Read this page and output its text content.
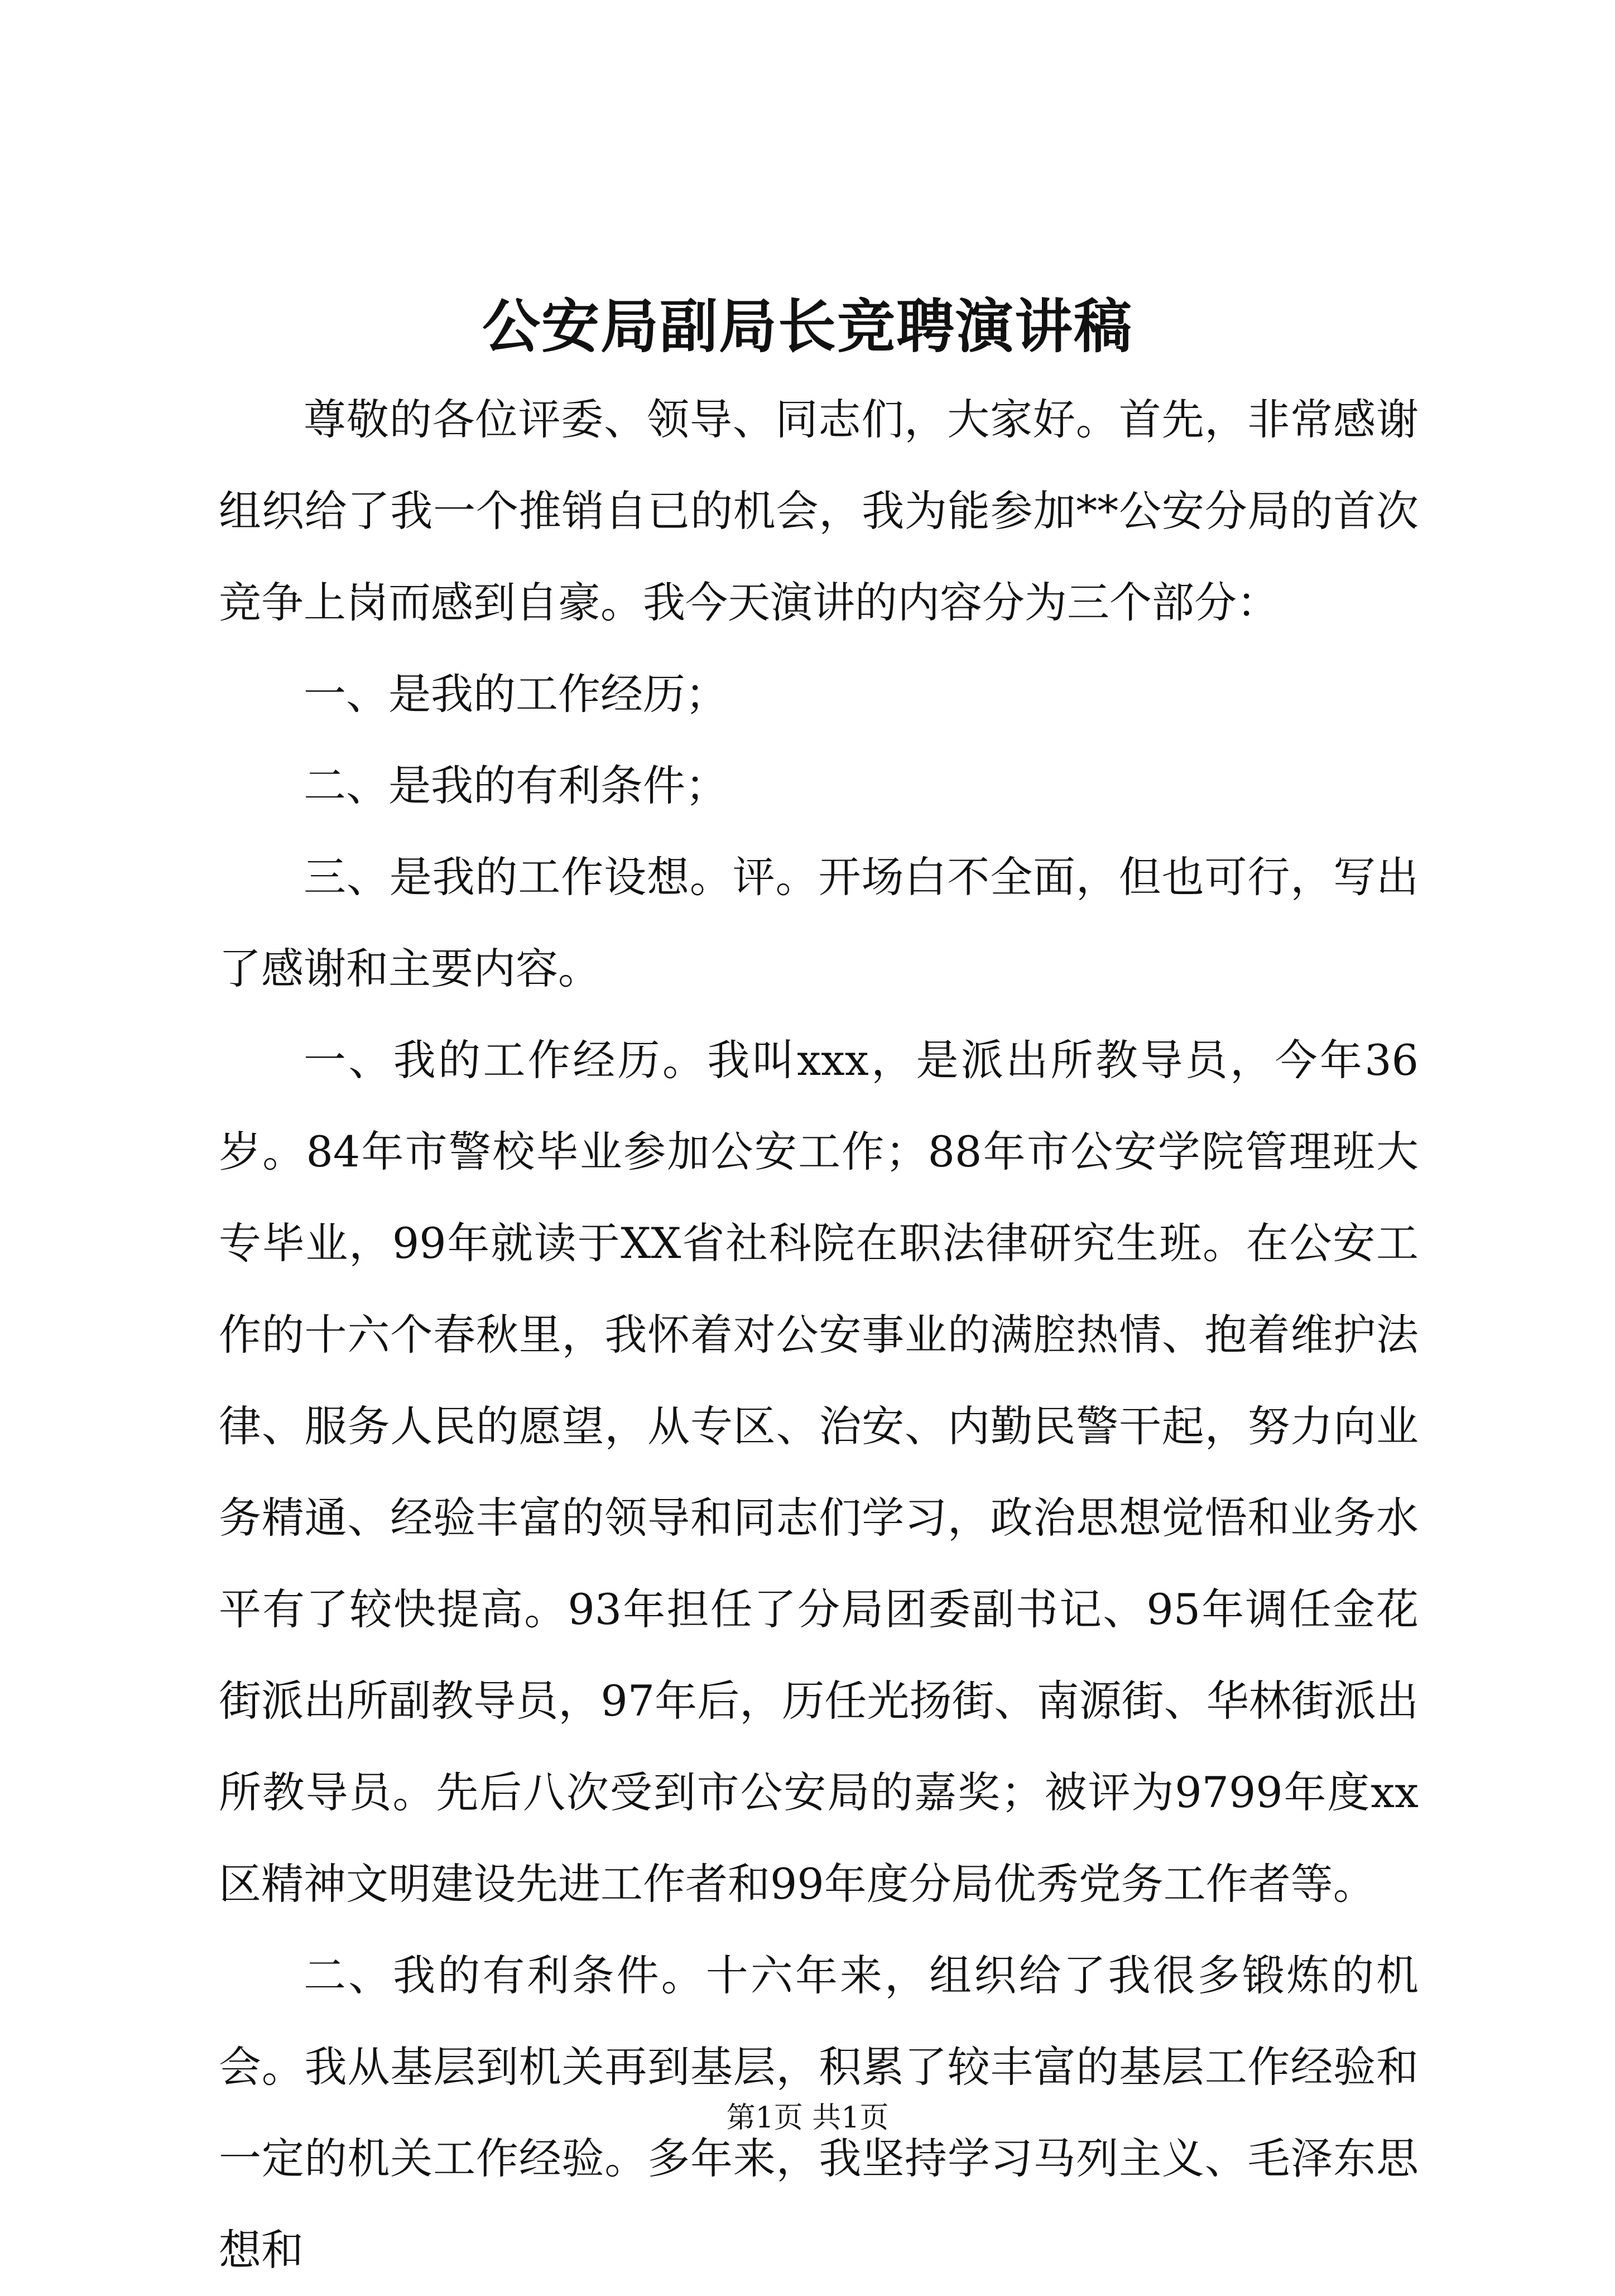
公安局副局长竞聘演讲稿

尊敬的各位评委、领导、同志们，大家好。首先，非常感谢组织给了我一个推销自已的机会，我为能参加**公安分局的首次竞争上岗而感到自豪。我今天演讲的内容分为三个部分：

一、是我的工作经历；

二、是我的有利条件；

三、是我的工作设想。评。开场白不全面，但也可行，写出了感谢和主要内容。

一、我的工作经历。我叫xxx，是派出所教导员，今年36岁。84年市警校毕业参加公安工作；88年市公安学院管理班大专毕业，99年就读于XX省社科院在职法律研究生班。在公安工作的十六个春秋里，我怀着对公安事业的满腔热情、抱着维护法律、服务人民的愿望，从专区、治安、内勤民警干起，努力向业务精通、经验丰富的领导和同志们学习，政治思想觉悟和业务水平有了较快提高。93年担任了分局团委副书记、95年调任金花街派出所副教导员，97年后，历任光扬街、南源街、华林街派出所教导员。先后八次受到市公安局的嘉奖；被评为9799年度xx区精神文明建设先进工作者和99年度分局优秀党务工作者等。

二、我的有利条件。十六年来，组织给了我很多锻炼的机会。我从基层到机关再到基层，积累了较丰富的基层工作经验和一定的机关工作经验。多年来，我坚持学习马列主义、毛泽东思想和

第1页 共1页
